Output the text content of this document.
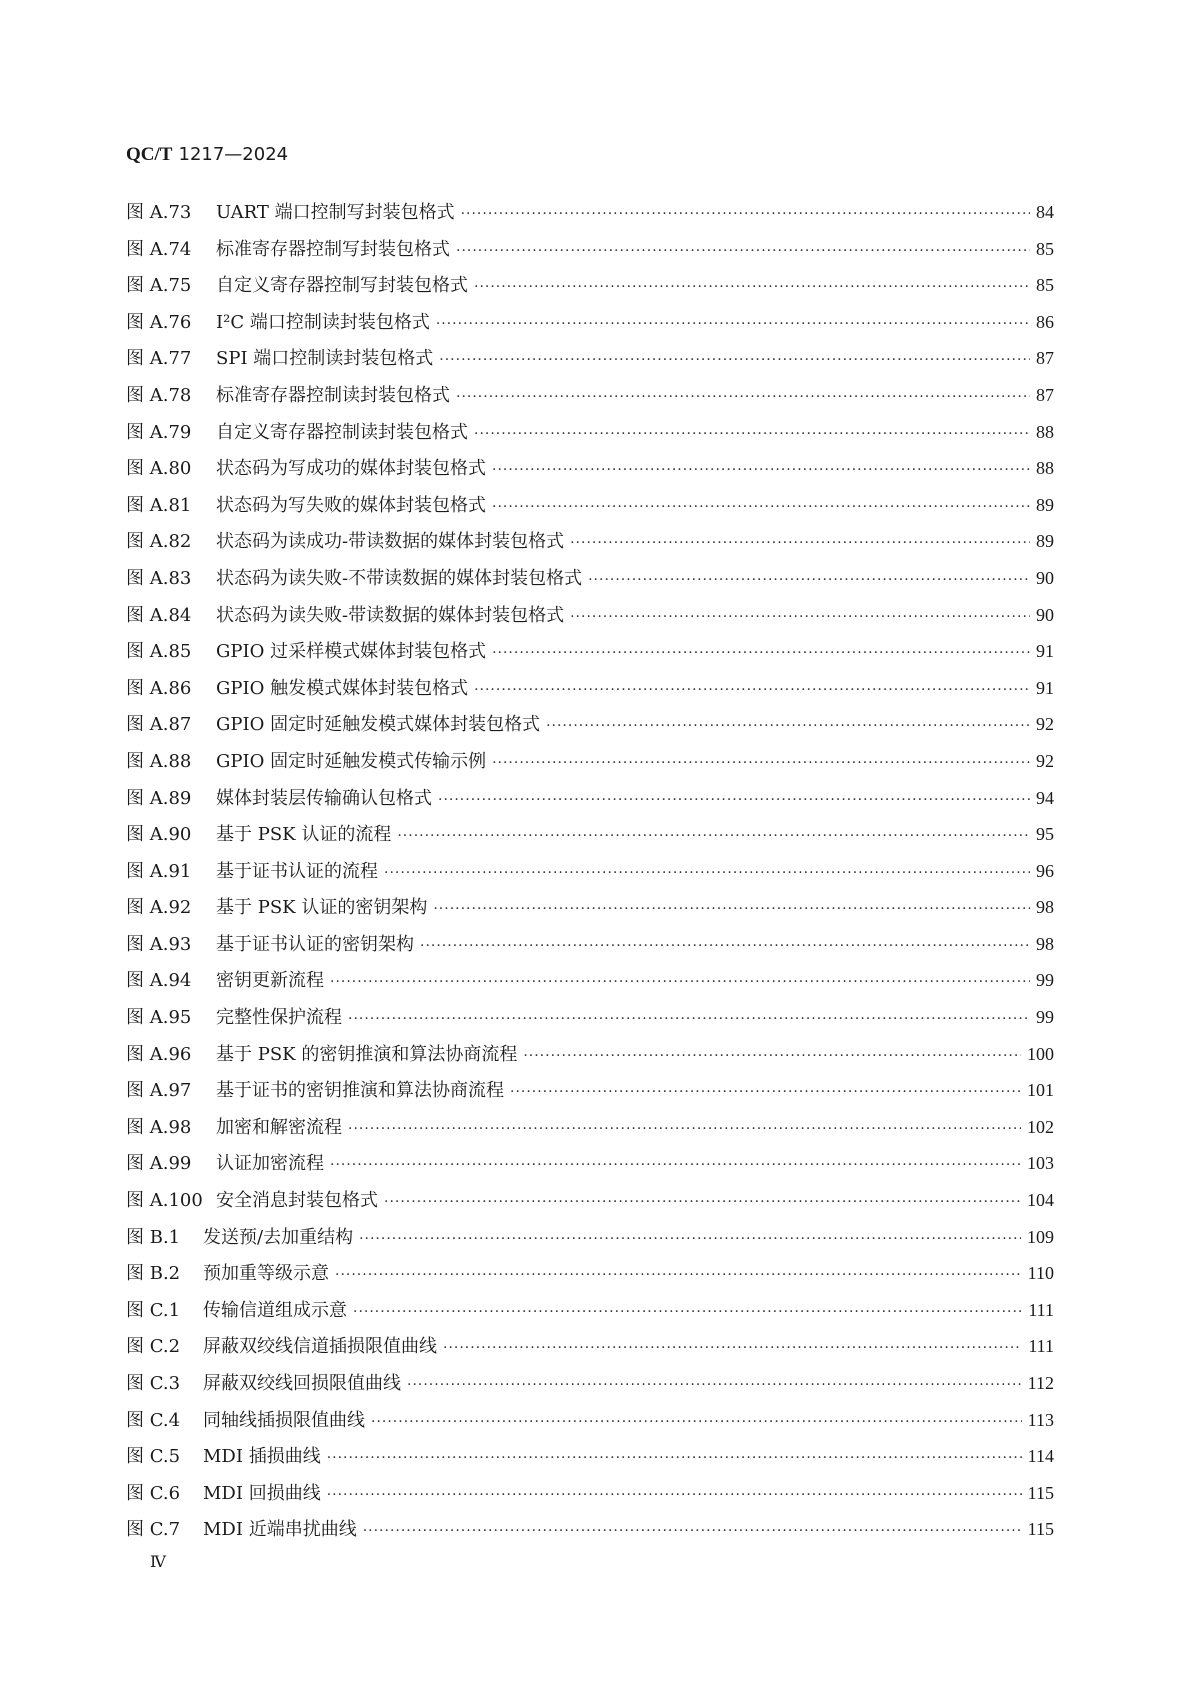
QC/T 1217—2024
图 A.73 UART 端口控制写封装包格式 ·····	84
图 A.74 标准寄存器控制写封装包格式 ·····	85
图 A.75 自定义寄存器控制写封装包格式 ·····	85
图 A.76 I²C 端口控制读封装包格式 ·····	86
图 A.77 SPI 端口控制读封装包格式 ·····	87
图 A.78 标准寄存器控制读封装包格式 ·····	87
图 A.79 自定义寄存器控制读封装包格式 ·····	88
图 A.80 状态码为写成功的媒体封装包格式 ·····	88
图 A.81 状态码为写失败的媒体封装包格式 ·····	89
图 A.82 状态码为读成功-带读数据的媒体封装包格式 ·····	89
图 A.83 状态码为读失败-不带读数据的媒体封装包格式 ·····	90
图 A.84 状态码为读失败-带读数据的媒体封装包格式 ·····	90
图 A.85 GPIO 过采样模式媒体封装包格式 ·····	91
图 A.86 GPIO 触发模式媒体封装包格式 ·····	91
图 A.87 GPIO 固定时延触发模式媒体封装包格式 ·····	92
图 A.88 GPIO 固定时延触发模式传输示例 ·····	92
图 A.89 媒体封装层传输确认包格式 ·····	94
图 A.90 基于 PSK 认证的流程 ·····	95
图 A.91 基于证书认证的流程 ·····	96
图 A.92 基于 PSK 认证的密钥架构 ·····	98
图 A.93 基于证书认证的密钥架构 ·····	98
图 A.94 密钥更新流程 ·····	99
图 A.95 完整性保护流程 ·····	99
图 A.96 基于 PSK 的密钥推演和算法协商流程 ·····	100
图 A.97 基于证书的密钥推演和算法协商流程 ·····	101
图 A.98 加密和解密流程 ·····	102
图 A.99 认证加密流程 ·····	103
图 A.100 安全消息封装包格式 ·····	104
图 B.1 发送预/去加重结构 ·····	109
图 B.2 预加重等级示意 ·····	110
图 C.1 传输信道组成示意 ·····	111
图 C.2 屏蔽双绞线信道插损限值曲线 ·····	111
图 C.3 屏蔽双绞线回损限值曲线 ·····	112
图 C.4 同轴线插损限值曲线 ·····	113
图 C.5 MDI 插损曲线 ·····	114
图 C.6 MDI 回损曲线 ·····	115
图 C.7 MDI 近端串扰曲线 ·····	115
Ⅳ
